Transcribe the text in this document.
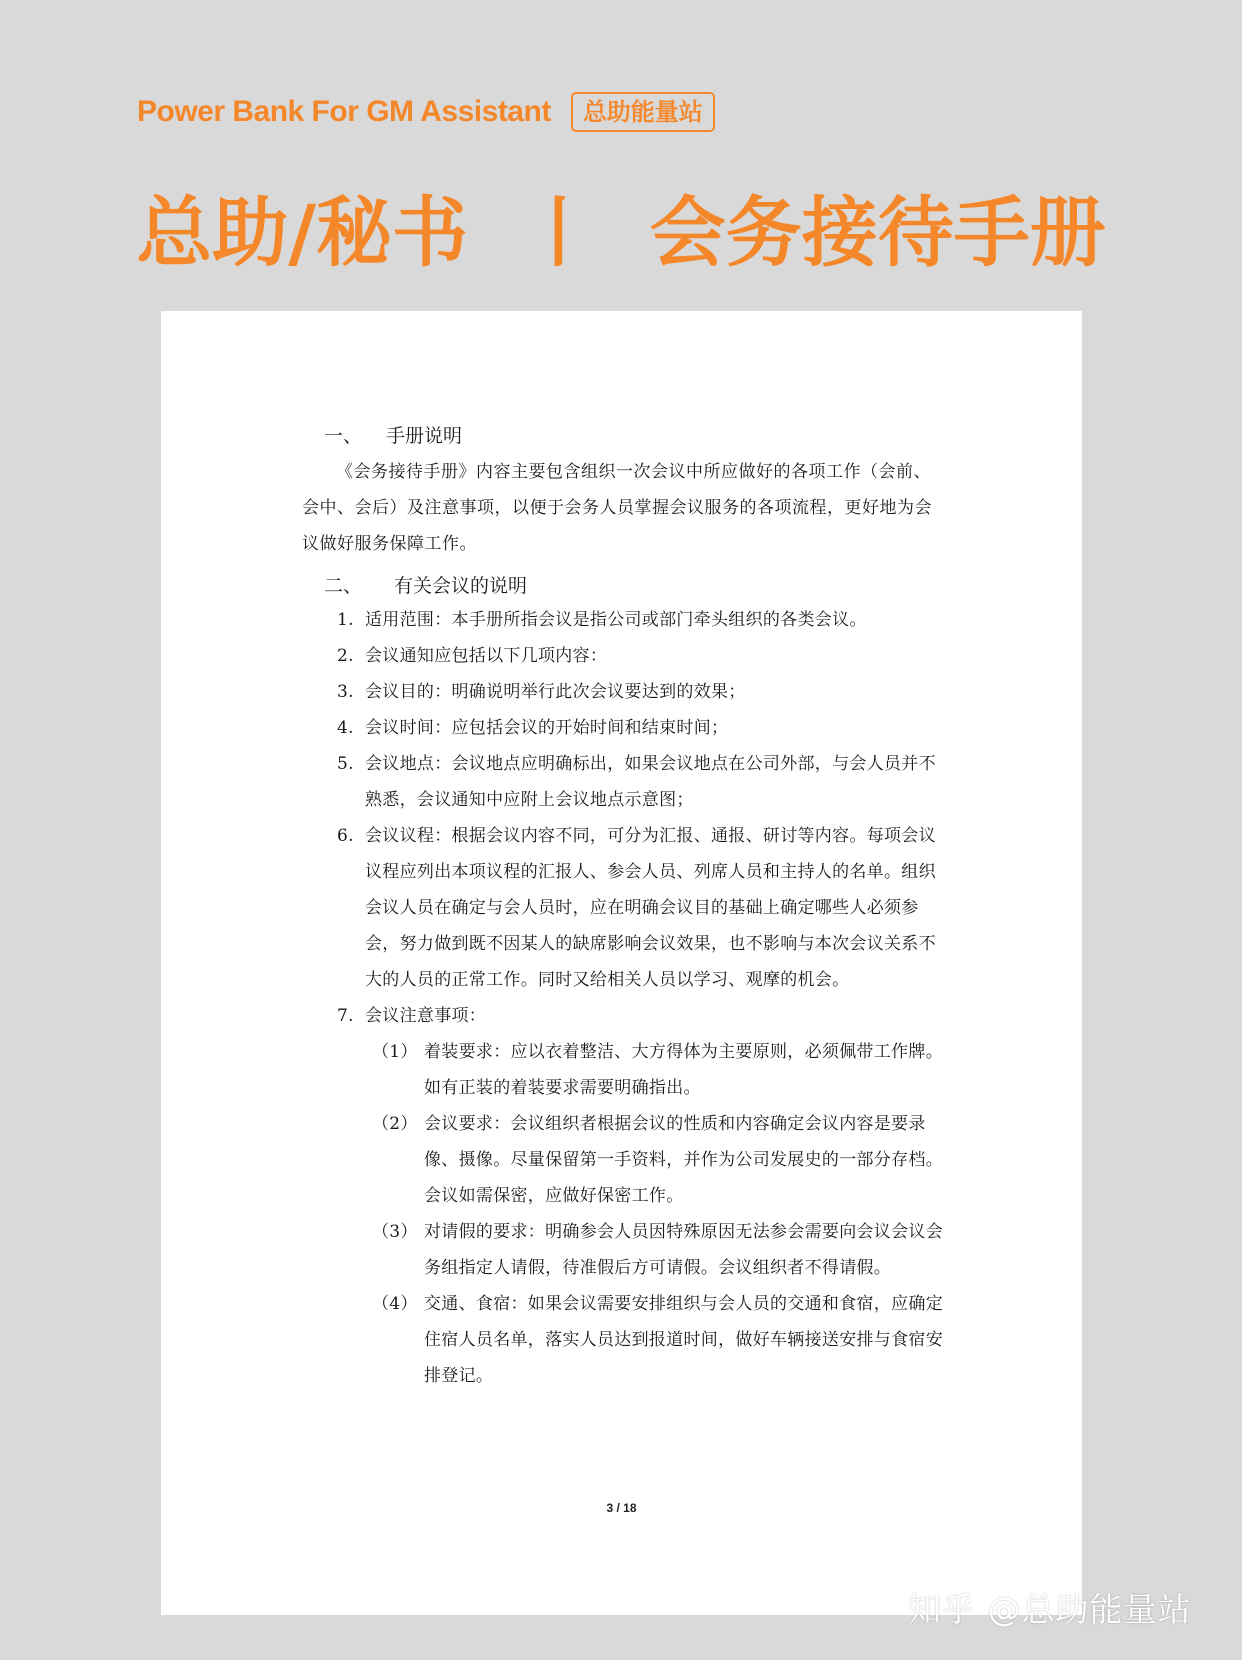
Power Bank For GM Assistant	总助能量站
总助/秘书  丨  会务接待手册
一、	手册说明
《会务接待手册》内容主要包含组织一次会议中所应做好的各项工作（会前、会中、会后）及注意事项，以便于会务人员掌握会议服务的各项流程，更好地为会议做好服务保障工作。
二、	有关会议的说明
1. 适用范围：本手册所指会议是指公司或部门牵头组织的各类会议。
2. 会议通知应包括以下几项内容：
3. 会议目的：明确说明举行此次会议要达到的效果；
4. 会议时间：应包括会议的开始时间和结束时间；
5. 会议地点：会议地点应明确标出，如果会议地点在公司外部，与会人员并不熟悉，会议通知中应附上会议地点示意图；
6. 会议议程：根据会议内容不同，可分为汇报、通报、研讨等内容。每项会议议程应列出本项议程的汇报人、参会人员、列席人员和主持人的名单。组织会议人员在确定与会人员时，应在明确会议目的基础上确定哪些人必须参会，努力做到既不因某人的缺席影响会议效果，也不影响与本次会议关系不大的人员的正常工作。同时又给相关人员以学习、观摩的机会。
7. 会议注意事项：
（1） 着装要求：应以衣着整洁、大方得体为主要原则，必须佩带工作牌。如有正装的着装要求需要明确指出。
（2） 会议要求：会议组织者根据会议的性质和内容确定会议内容是要录像、摄像。尽量保留第一手资料，并作为公司发展史的一部分存档。会议如需保密，应做好保密工作。
（3） 对请假的要求：明确参会人员因特殊原因无法参会需要向会议会议会务组指定人请假，待准假后方可请假。会议组织者不得请假。
（4） 交通、食宿：如果会议需要安排组织与会人员的交通和食宿，应确定住宿人员名单，落实人员达到报道时间，做好车辆接送安排与食宿安排登记。
3 / 18
知乎 @总助能量站
